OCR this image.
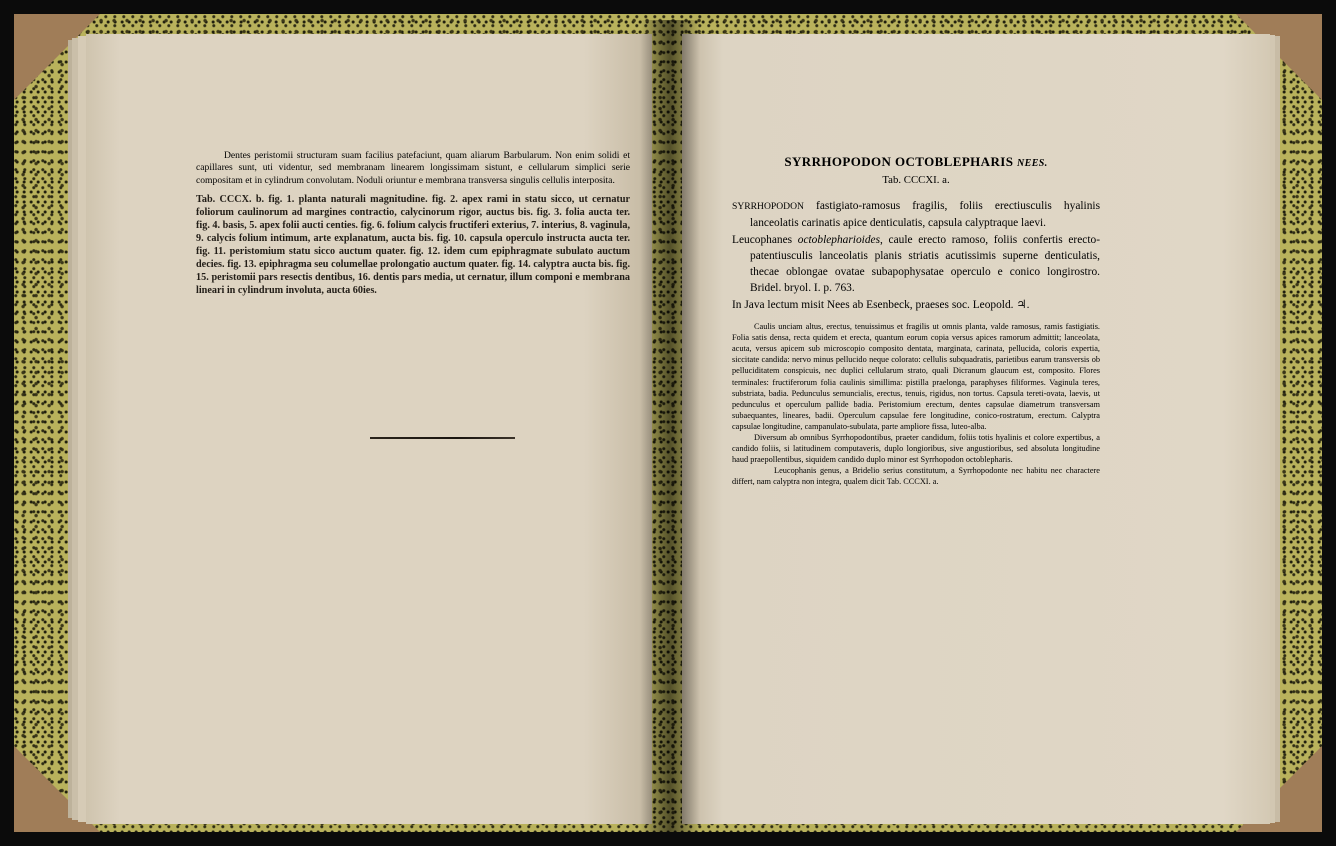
Dentes peristomii structuram suam facilius patefaciunt, quam aliarum Barbularum. Non enim solidi et capillares sunt, uti videntur, sed membranam linearem longissimam sistunt, e cellularum simplici serie compositam et in cylindrum convolutam. Noduli oriuntur e membrana transversa singulis cellulis interposita.

Tab. CCCX. b. fig. 1. planta naturali magnitudine. fig. 2. apex rami in statu sicco, ut cernatur foliorum caulinorum ad margines contractio, calycinorum rigor, auctus bis. fig. 3. folia aucta ter. fig. 4. basis, 5. apex folii aucti centies. fig. 6. folium calycis fructiferi exterius, 7. interius, 8. vaginula, 9. calycis folium intimum, arte explanatum, aucta bis. fig. 10. capsula operculo instructa aucta ter. fig. 11. peristomium statu sicco auctum quater. fig. 12. idem cum epiphragmate subulato auctum decies. fig. 13. epiphragma seu columellae prolongatio auctum quater. fig. 14. calyptra aucta bis. fig. 15. peristomii pars resectis dentibus, 16. dentis pars media, ut cernatur, illum componi e membrana lineari in cylindrum involuta, aucta 60ies.

SYRRHOPODON OCTOBLEPHARIS NEES.
Tab. CCCXI. a.

SYRRHOPODON fastigiato-ramosus fragilis, foliis erectiusculis hyalinis lanceolatis carinatis apice denticulatis, capsula calyptraque laevi.

Leucophanes octoblepharioides, caule erecto ramoso, foliis confertis erecto-patentiusculis lanceolatis planis striatis acutissimis superne denticulatis, thecae oblongae ovatae subapophysatae operculo e conico longirostro. Bridel. bryol. I. p. 763.

In Java lectum misit Nees ab Esenbeck, praeses soc. Leopold. ♃.

Caulis unciam altus, erectus, tenuissimus et fragilis ut omnis planta, valde ramosus, ramis fastigiatis. Folia satis densa, recta quidem et erecta, quantum eorum copia versus apices ramorum admittit; lanceolata, acuta, versus apicem sub microscopio composito dentata, marginata, carinata, pellucida, coloris expertia, siccitate candida: nervo minus pellucido neque colorato: cellulis subquadratis, parietibus earum transversis ob pelluciditatem conspicuis, nec duplici cellularum strato, quali Dicranum glaucum est, composito. Flores terminales: fructiferorum folia caulinis simillima: pistilla praelonga, paraphyses filiformes. Vaginula teres, substriata, badia. Pedunculus semuncialis, erectus, tenuis, rigidus, non tortus. Capsula tereti-ovata, laevis, ut pedunculus et operculum pallide badia. Peristomium erectum, dentes capsulae diametrum transversam subaequantes, lineares, badii. Operculum capsulae fere longitudine, conico-rostratum, erectum. Calyptra capsulae longitudine, campanulato-subulata, parte ampliore fissa, luteo-alba.

Diversum ab omnibus Syrrhopodontibus, praeter candidum, foliis totis hyalinis et colore expertibus, a candido foliis, si latitudinem computaveris, duplo longioribus, sive angustioribus, sed absoluta longitudine haud praepollentibus, siquidem candido duplo minor est Syrrhopodon octoblepharis.

Leucophanis genus, a Bridelio serius constitutum, a Syrrhopodonte nec habitu nec charactere differt, nam calyptra non integra, qualem dicit Tab. CCCXI. a.
